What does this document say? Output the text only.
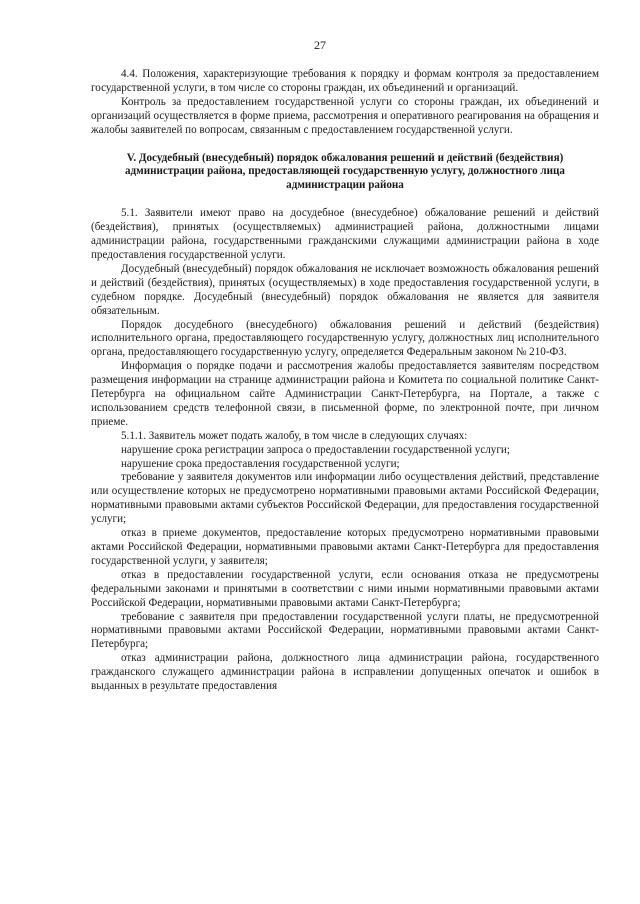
27

4.4. Положения, характеризующие требования к порядку и формам контроля за предоставлением государственной услуги, в том числе со стороны граждан, их объединений и организаций.

Контроль за предоставлением государственной услуги со стороны граждан, их объединений и организаций осуществляется в форме приема, рассмотрения и оперативного реагирования на обращения и жалобы заявителей по вопросам, связанным с предоставлением государственной услуги.

V. Досудебный (внесудебный) порядок обжалования решений и действий (бездействия) администрации района, предоставляющей государственную услугу, должностного лица администрации района

5.1. Заявители имеют право на досудебное (внесудебное) обжалование решений и действий (бездействия), принятых (осуществляемых) администрацией района, должностными лицами администрации района, государственными гражданскими служащими администрации района в ходе предоставления государственной услуги.

Досудебный (внесудебный) порядок обжалования не исключает возможность обжалования решений и действий (бездействия), принятых (осуществляемых) в ходе предоставления государственной услуги, в судебном порядке. Досудебный (внесудебный) порядок обжалования не является для заявителя обязательным.

Порядок досудебного (внесудебного) обжалования решений и действий (бездействия) исполнительного органа, предоставляющего государственную услугу, должностных лиц исполнительного органа, предоставляющего государственную услугу, определяется Федеральным законом № 210-ФЗ.

Информация о порядке подачи и рассмотрения жалобы предоставляется заявителям посредством размещения информации на странице администрации района и Комитета по социальной политике Санкт-Петербурга на официальном сайте Администрации Санкт-Петербурга, на Портале, а также с использованием средств телефонной связи, в письменной форме, по электронной почте, при личном приеме.

5.1.1. Заявитель может подать жалобу, в том числе в следующих случаях:

нарушение срока регистрации запроса о предоставлении государственной услуги;

нарушение срока предоставления государственной услуги;

требование у заявителя документов или информации либо осуществления действий, представление или осуществление которых не предусмотрено нормативными правовыми актами Российской Федерации, нормативными правовыми актами субъектов Российской Федерации, для предоставления государственной услуги;

отказ в приеме документов, предоставление которых предусмотрено нормативными правовыми актами Российской Федерации, нормативными правовыми актами Санкт-Петербурга для предоставления государственной услуги, у заявителя;

отказ в предоставлении государственной услуги, если основания отказа не предусмотрены федеральными законами и принятыми в соответствии с ними иными нормативными правовыми актами Российской Федерации, нормативными правовыми актами Санкт-Петербурга;

требование с заявителя при предоставлении государственной услуги платы, не предусмотренной нормативными правовыми актами Российской Федерации, нормативными правовыми актами Санкт-Петербурга;

отказ администрации района, должностного лица администрации района, государственного гражданского служащего администрации района в исправлении допущенных опечаток и ошибок в выданных в результате предоставления
